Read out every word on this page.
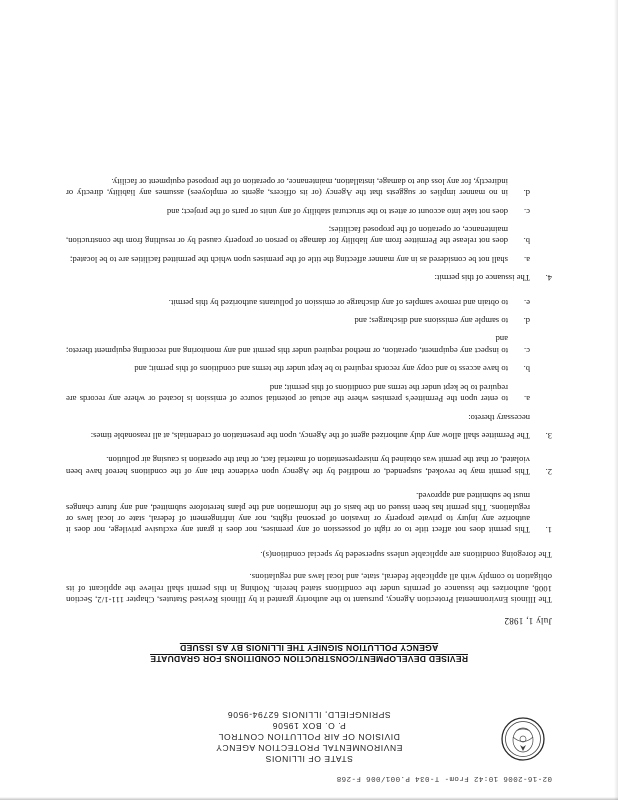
02-16-2006 10:42 From- T-034 P.001/006 F-268
STATE OF ILLINOIS
ENVIRONMENTAL PROTECTION AGENCY
DIVISION OF AIR POLLUTION CONTROL
P. O. BOX 19506
SPRINGFIELD, ILLINOIS 62794-9506
REVISED DEVELOPMENT/CONSTRUCTION CONDITIONS FOR GRADUATE
AGENCY POLLUTION SIGNIFY THE ILLINOIS BY AS ISSUED
July 1, 1982
The Illinois Environmental Protection Agency, pursuant to the authority granted it by Illinois Revised Statutes, Chapter 111-1/2, Section 1008, authorizes the issuance of permits under the conditions stated herein. Nothing in this permit shall relieve the applicant of its obligation to comply with all applicable federal, state, and local laws and regulations.
The foregoing conditions are applicable unless superseded by special condition(s).
1.
This permit does not affect title to or right of possession of any premises, nor does it grant any exclusive privilege, nor does it authorize any injury to private property or invasion of personal rights, nor any infringement of federal, state or local laws or regulations. This permit has been issued on the basis of the information and the plans heretofore submitted, and any future changes must be submitted and approved.
2.
This permit may be revoked, suspended, or modified by the Agency upon evidence that any of the conditions hereof have been violated, or that the permit was obtained by misrepresentation of material fact, or that the operation is causing air pollution.
3.
The Permittee shall allow any duly authorized agent of the Agency, upon the presentation of credentials, at all reasonable times:
necessary thereto:
a.
to enter upon the Permittee's premises where the actual or potential source of emission is located or where any records are required to be kept under the terms and conditions of this permit; and
b.
to have access to and copy any records required to be kept under the terms and conditions of this permit; and
c.
to inspect any equipment, operation, or method required under this permit and any monitoring and recording equipment thereto; and
d.
to sample any emissions and discharges; and
e.
to obtain and remove samples of any discharge or emission of pollutants authorized by this permit.
4.
The issuance of this permit:
a.
shall not be considered as in any manner affecting the title of the premises upon which the permitted facilities are to be located;
b.
does not release the Permittee from any liability for damage to person or property caused by or resulting from the construction, maintenance, or operation of the proposed facilities;
c.
does not take into account or attest to the structural stability of any units or parts of the project; and
d.
in no manner implies or suggests that the Agency (or its officers, agents or employees) assumes any liability, directly or indirectly, for any loss due to damage, installation, maintenance, or operation of the proposed equipment or facility.
